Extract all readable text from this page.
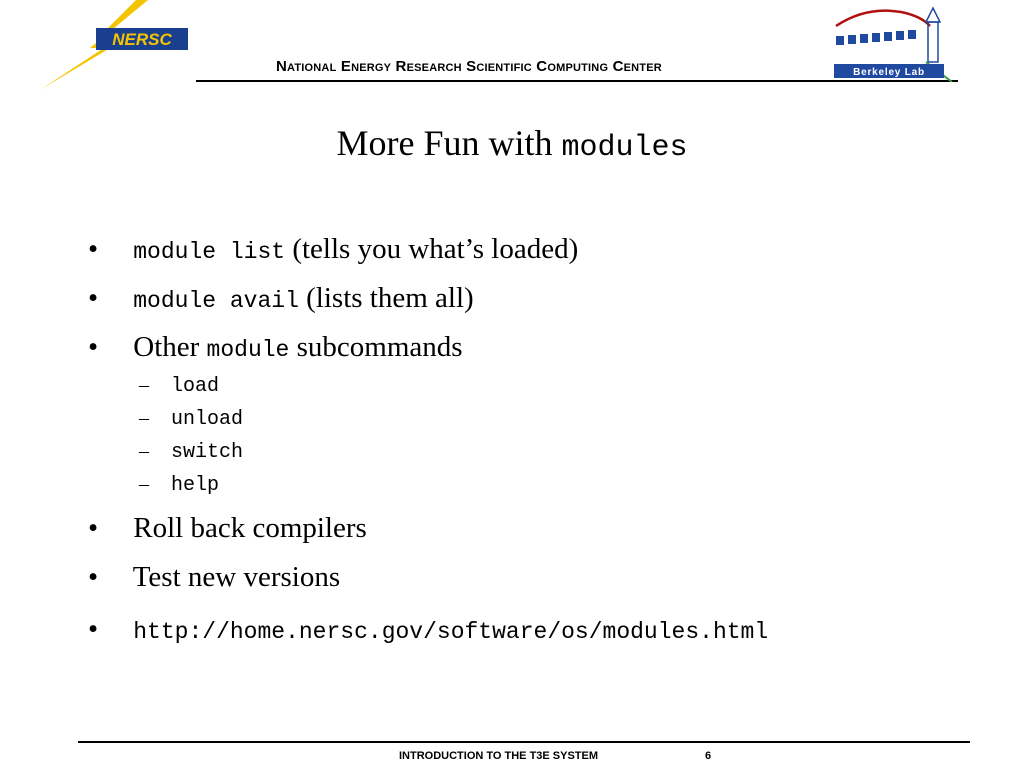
NERSC
National Energy Research Scientific Computing Center	Berkeley Lab
More Fun with modules
• module list (tells you what’s loaded)
• module avail (lists them all)
• Other module subcommands
– load
– unload
– switch
– help
• Roll back compilers
• Test new versions
• http://home.nersc.gov/software/os/modules.html
INTRODUCTION TO THE T3E SYSTEM	6
